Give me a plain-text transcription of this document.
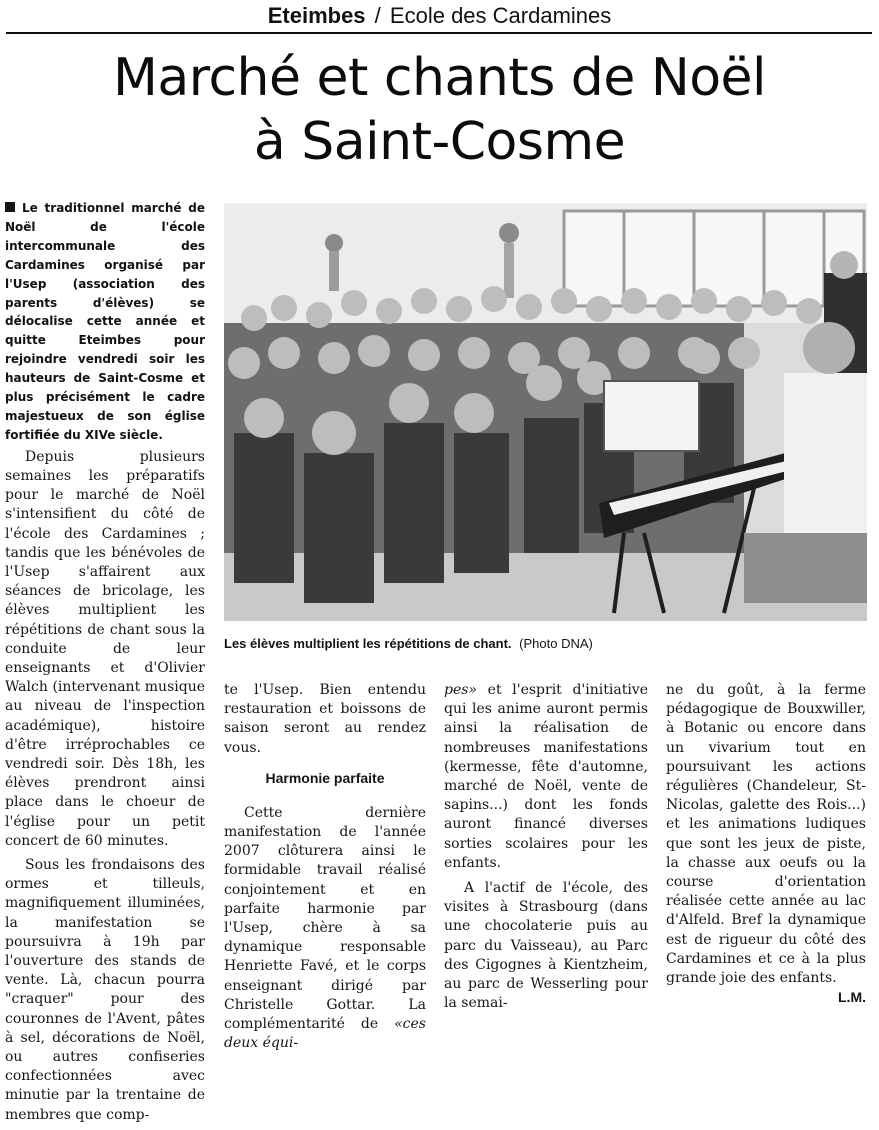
Eteimbes / Ecole des Cardamines
Marché et chants de Noël
à Saint-Cosme
Le traditionnel marché de Noël de l'école intercommunale des Cardamines organisé par l'Usep (association des parents d'élèves) se délocalise cette année et quitte Eteimbes pour rejoindre vendredi soir les hauteurs de Saint-Cosme et plus précisément le cadre majestueux de son église fortifiée du XIVe siècle.

Depuis plusieurs semaines les préparatifs pour le marché de Noël s'intensifient du côté de l'école des Cardamines ; tandis que les bénévoles de l'Usep s'affairent aux séances de bricolage, les élèves multiplient les répétitions de chant sous la conduite de leur enseignants et d'Olivier Walch (intervenant musique au niveau de l'inspection académique), histoire d'être irréprochables ce vendredi soir. Dès 18h, les élèves prendront ainsi place dans le choeur de l'église pour un petit concert de 60 minutes.

Sous les frondaisons des ormes et tilleuls, magnifiquement illuminées, la manifestation se poursuivra à 19h par l'ouverture des stands de vente. Là, chacun pourra "craquer" pour des couronnes de l'Avent, pâtes à sel, décorations de Noël, ou autres confiseries confectionnées avec minutie par la trentaine de membres que comp-

Les élèves multiplient les répétitions de chant. (Photo DNA)

te l'Usep. Bien entendu restauration et boissons de saison seront au rendez vous.

Harmonie parfaite

Cette dernière manifestation de l'année 2007 clôturera ainsi le formidable travail réalisé conjointement et en parfaite harmonie par l'Usep, chère à sa dynamique responsable Henriette Favé, et le corps enseignant dirigé par Christelle Gottar. La complémentarité de «ces deux équi-

pes» et l'esprit d'initiative qui les anime auront permis ainsi la réalisation de nombreuses manifestations (kermesse, fête d'automne, marché de Noël, vente de sapins...) dont les fonds auront financé diverses sorties scolaires pour les enfants.

A l'actif de l'école, des visites à Strasbourg (dans une chocolaterie puis au parc du Vaisseau), au Parc des Cigognes à Kientzheim, au parc de Wesserling pour la semai-

ne du goût, à la ferme pédagogique de Bouxwiller, à Botanic ou encore dans un vivarium tout en poursuivant les actions régulières (Chandeleur, St-Nicolas, galette des Rois...) et les animations ludiques que sont les jeux de piste, la chasse aux oeufs ou la course d'orientation réalisée cette année au lac d'Alfeld. Bref la dynamique est de rigueur du côté des Cardamines et ce à la plus grande joie des enfants.

L.M.
